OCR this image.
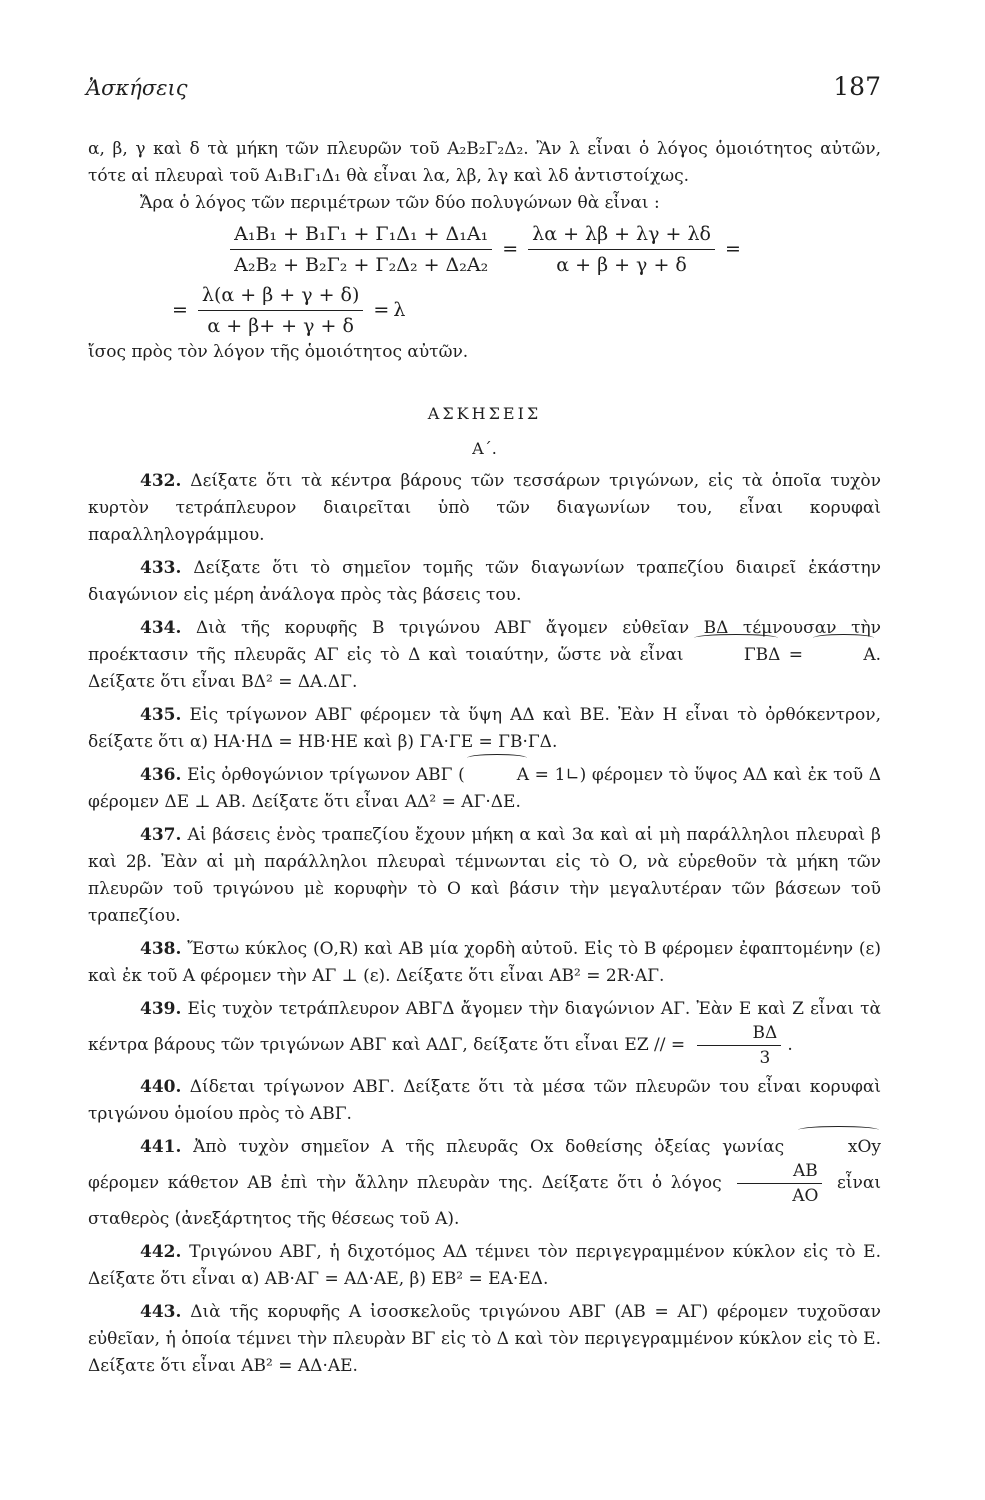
Ἀσκήσεις	187

α, β, γ καὶ δ τὰ μήκη τῶν πλευρῶν τοῦ Α₂Β₂Γ₂Δ₂. Ἂν λ εἶναι ὁ λόγος ὁμοιότητος αὐτῶν, τότε αἱ πλευραὶ τοῦ Α₁Β₁Γ₁Δ₁ θὰ εἶναι λα, λβ, λγ καὶ λδ ἀντιστοίχως.

Ἄρα ὁ λόγος τῶν περιμέτρων τῶν δύο πολυγώνων θὰ εἶναι :

$\frac{\text{Α₁Β₁ + Β₁Γ₁ + Γ₁Δ₁ + Δ₁Α₁}}{\text{Α₂Β₂ + Β₂Γ₂ + Γ₂Δ₂ + Δ₂Α₂}} = \frac{\lambda\alpha + \lambda\beta + \lambda\gamma + \lambda\delta}{\alpha + \beta + \gamma + \delta}$ =
= $\frac{\lambda(\alpha + \beta + \gamma + \delta)}{\alpha + \beta+ + \gamma + \delta} = \lambda$

ἴσος πρὸς τὸν λόγον τῆς ὁμοιότητος αὐτῶν.

ΑΣΚΗΣΕΙΣ
Α΄.

432. Δείξατε ὅτι τὰ κέντρα βάρους τῶν τεσσάρων τριγώνων, εἰς τὰ ὁποῖα τυχὸν κυρτὸν τετράπλευρον διαιρεῖται ὑπὸ τῶν διαγωνίων του, εἶναι κορυφαὶ παραλληλογράμμου.

433. Δείξατε ὅτι τὸ σημεῖον τομῆς τῶν διαγωνίων τραπεζίου διαιρεῖ ἑκάστην διαγώνιον εἰς μέρη ἀνάλογα πρὸς τὰς βάσεις του.

434. Διὰ τῆς κορυφῆς Β τριγώνου ΑΒΓ ἄγομεν εὐθεῖαν ΒΔ τέμνουσαν τὴν προέκτασιν τῆς πλευρᾶς ΑΓ εἰς τὸ Δ καὶ τοιαύτην, ὥστε νὰ εἶναι	ΓΒΔ =	Α. Δείξατε ὅτι εἶναι ΒΔ² = ΔΑ.ΔΓ.

435. Εἰς τρίγωνον ΑΒΓ φέρομεν τὰ ὕψη ΑΔ καὶ ΒΕ. Ἐὰν Η εἶναι τὸ ὀρθόκεντρον, δείξατε ὅτι α) ΗΑ·ΗΔ = ΗΒ·ΗΕ καὶ β) ΓΑ·ΓΕ = ΓΒ·ΓΔ.

436. Εἰς ὀρθογώνιον τρίγωνον ΑΒΓ (	Α = 1∟) φέρομεν τὸ ὕψος ΑΔ καὶ ἐκ τοῦ Δ φέρομεν ΔΕ ⊥ ΑΒ. Δείξατε ὅτι εἶναι ΑΔ² = ΑΓ·ΔΕ.

437. Αἱ βάσεις ἑνὸς τραπεζίου ἔχουν μήκη α καὶ 3α καὶ αἱ μὴ παράλληλοι πλευραὶ β καὶ 2β. Ἐὰν αἱ μὴ παράλληλοι πλευραὶ τέμνωνται εἰς τὸ Ο, νὰ εὑρεθοῦν τὰ μήκη τῶν πλευρῶν τοῦ τριγώνου μὲ κορυφὴν τὸ Ο καὶ βάσιν τὴν μεγαλυτέραν τῶν βάσεων τοῦ τραπεζίου.

438. Ἔστω κύκλος (Ο,R) καὶ ΑΒ μία χορδὴ αὐτοῦ. Εἰς τὸ Β φέρομεν ἐφαπτομένην (ε) καὶ ἐκ τοῦ Α φέρομεν τὴν ΑΓ ⊥ (ε). Δείξατε ὅτι εἶναι ΑΒ² = 2R·ΑΓ.

439. Εἰς τυχὸν τετράπλευρον ΑΒΓΔ ἄγομεν τὴν διαγώνιον ΑΓ. Ἐὰν Ε καὶ Ζ εἶναι τὰ κέντρα βάρους τῶν τριγώνων ΑΒΓ καὶ ΑΔΓ, δείξατε ὅτι εἶναι ΕΖ // = $\frac{B\Delta}{3}$ .

440. Δίδεται τρίγωνον ΑΒΓ. Δείξατε ὅτι τὰ μέσα τῶν πλευρῶν του εἶναι κορυφαὶ τριγώνου ὁμοίου πρὸς τὸ ΑΒΓ.

441. Ἀπὸ τυχὸν σημεῖον Α τῆς πλευρᾶς Οx δοθείσης ὀξείας γωνίας	xΟy φέρομεν κάθετον ΑΒ ἐπὶ τὴν ἄλλην πλευρὰν της. Δείξατε ὅτι ὁ λόγος $\frac{AB}{AO}$ εἶναι σταθερὸς (ἀνεξάρτητος τῆς θέσεως τοῦ Α).

442. Τριγώνου ΑΒΓ, ἡ διχοτόμος ΑΔ τέμνει τὸν περιγεγραμμένον κύκλον εἰς τὸ Ε. Δείξατε ὅτι εἶναι α) ΑΒ·ΑΓ = ΑΔ·ΑΕ, β) ΕΒ² = ΕΑ·ΕΔ.

443. Διὰ τῆς κορυφῆς Α ἰσοσκελοῦς τριγώνου ΑΒΓ (ΑΒ = ΑΓ) φέρομεν τυχοῦσαν εὐθεῖαν, ἡ ὁποία τέμνει τὴν πλευρὰν ΒΓ εἰς τὸ Δ καὶ τὸν περιγεγραμμένον κύκλον εἰς τὸ Ε. Δείξατε ὅτι εἶναι ΑΒ² = ΑΔ·ΑΕ.
